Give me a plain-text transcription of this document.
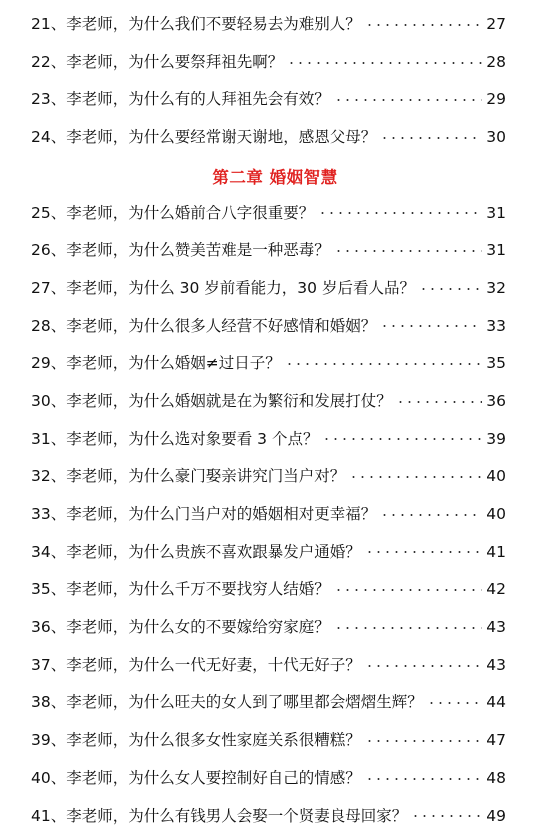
21、李老师，为什么我们不要轻易去为难别人？	27
22、李老师，为什么要祭拜祖先啊？	28
23、李老师，为什么有的人拜祖先会有效？	29
24、李老师，为什么要经常谢天谢地，感恩父母？	30
第二章 婚姻智慧
25、李老师，为什么婚前合八字很重要？	31
26、李老师，为什么赞美苦难是一种恶毒？	31
27、李老师，为什么 30 岁前看能力，30 岁后看人品？	32
28、李老师，为什么很多人经营不好感情和婚姻？	33
29、李老师，为什么婚姻≠过日子？	35
30、李老师，为什么婚姻就是在为繁衍和发展打仗？	36
31、李老师，为什么选对象要看 3 个点？	39
32、李老师，为什么豪门娶亲讲究门当户对？	40
33、李老师，为什么门当户对的婚姻相对更幸福？	40
34、李老师，为什么贵族不喜欢跟暴发户通婚？	41
35、李老师，为什么千万不要找穷人结婚？	42
36、李老师，为什么女的不要嫁给穷家庭？	43
37、李老师，为什么一代无好妻，十代无好子？	43
38、李老师，为什么旺夫的女人到了哪里都会熠熠生辉？	44
39、李老师，为什么很多女性家庭关系很糟糕？	47
40、李老师，为什么女人要控制好自己的情感？	48
41、李老师，为什么有钱男人会娶一个贤妻良母回家？	49
